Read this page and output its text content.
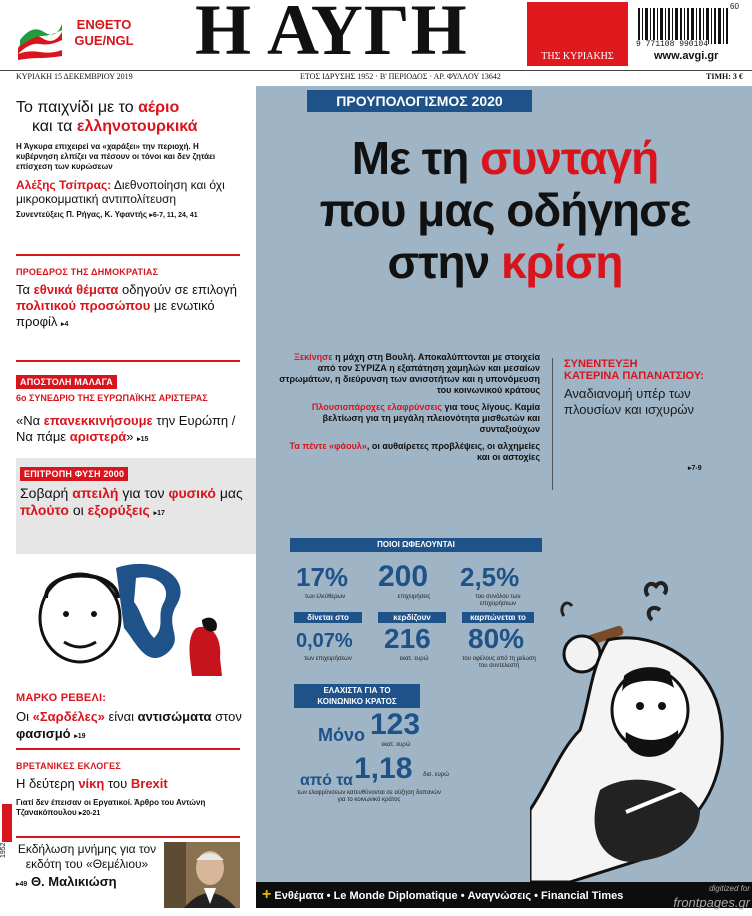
ΕΝΘΕΤΟ
GUE/NGL Η ΑΥΓΗ	ΤΗΣ ΚΥΡΙΑΚΗΣ
60
9 771108 990104
www.avgi.gr
ΚΥΡΙΑΚΗ 15 ΔΕΚΕΜΒΡΙΟΥ 2019	ΕΤΟΣ ΙΔΡΥΣΗΣ 1952 · Β' ΠΕΡΙΟΔΟΣ · ΑΡ. ΦΥΛΛΟΥ 13642	ΤΙΜΗ: 3 €
Το παιχνίδι με το αέριο
και τα ελληνοτουρκικά
Η Άγκυρα επιχειρεί να «χαράξει» την περιοχή. Η κυβέρνηση ελπίζει να πέσουν οι τόνοι και δεν ζητάει επίσχεση των κυρώσεων
Αλέξης Τσίπρας: Διεθνοποίηση και όχι μικροκομματική αντιπολίτευση
Συνεντεύξεις Π. Ρήγας, Κ. Υφαντής ▸6-7, 11, 24, 41
ΠΡΟΕΔΡΟΣ ΤΗΣ ΔΗΜΟΚΡΑΤΙΑΣ
Τα εθνικά θέματα οδηγούν σε επιλογή πολιτικού προσώπου με ενωτικό προφίλ ▸4
ΑΠΟΣΤΟΛΗ ΜΑΛΑΓΑ
6ο ΣΥΝΕΔΡΙΟ ΤΗΣ ΕΥΡΩΠΑΪΚΗΣ ΑΡΙΣΤΕΡΑΣ
«Να επανεκκινήσουμε την Ευρώπη / Να πάμε αριστερά» ▸15
ΕΠΙΤΡΟΠΗ ΦΥΣΗ 2000
Σοβαρή απειλή για τον φυσικό μας πλούτο οι εξορύξεις ▸17
ΜΑΡΚΟ ΡΕΒΕΛΙ:
Οι «Σαρδέλες» είναι αντισώματα στον φασισμό ▸19
ΒΡΕΤΑΝΙΚΕΣ ΕΚΛΟΓΕΣ
Η δεύτερη νίκη του Brexit
Γιατί δεν έπεισαν οι Εργατικοί. Άρθρο του Αντώνη Τζανακόπουλου ▸20-21
1952 Εκδήλωση μνήμης για τον εκδότη του «Θεμέλιου»
▸49 Θ. Μαλικιώση
ΠΡΟΥΠΟΛΟΓΙΣΜΟΣ 2020
Με τη συνταγή
που μας οδήγησε
στην κρίση

Ξεκίνησε η μάχη στη Βουλή. Αποκαλύπτονται με στοιχεία από τον ΣΥΡΙΖΑ η εξαπάτηση χαμηλών και μεσαίων στρωμάτων, η διεύρυνση των ανισοτήτων και η υπονόμευση του κοινωνικού κράτους

Πλουσιοπάροχες ελαφρύνσεις για τους λίγους. Καμία βελτίωση για τη μεγάλη πλειονότητα μισθωτών και συνταξιούχων

Τα πέντε «φάουλ», οι αυθαίρετες προβλέψεις, οι αλχημείες και οι αστοχίες

ΣΥΝΕΝΤΕΥΞΗ
ΚΑΤΕΡΙΝΑ ΠΑΠΑΝΑΤΣΙΟΥ:
Αναδιανομή υπέρ των πλουσίων και ισχυρών
▸7-9
ΠΟΙΟΙ ΩΦΕΛΟΥΝΤΑΙ
17%
των ελεύθερων
200
επιχειρήσεις
2,5%
του συνόλου των επιχειρήσεων
δίνεται στο	κερδίζουν	καρπώνεται το
0,07%
των επιχειρήσεων
216
εκατ. ευρώ
80%
του οφέλους από τη μείωση του συντελεστή
ΕΛΑΧΙΣΤΑ ΓΙΑ ΤΟ
ΚΟΙΝΩΝΙΚΟ ΚΡΑΤΟΣ
Μόνο 123
εκατ. ευρώ
από τα 1,18	δισ. ευρώ
των ελαφρύνσεων κατευθύνονται σε αύξηση δαπανών για το κοινωνικό κράτος
+ Ενθέματα • Le Monde Diplomatique • Αναγνώσεις • Financial Times
digitized for
frontpages.gr
